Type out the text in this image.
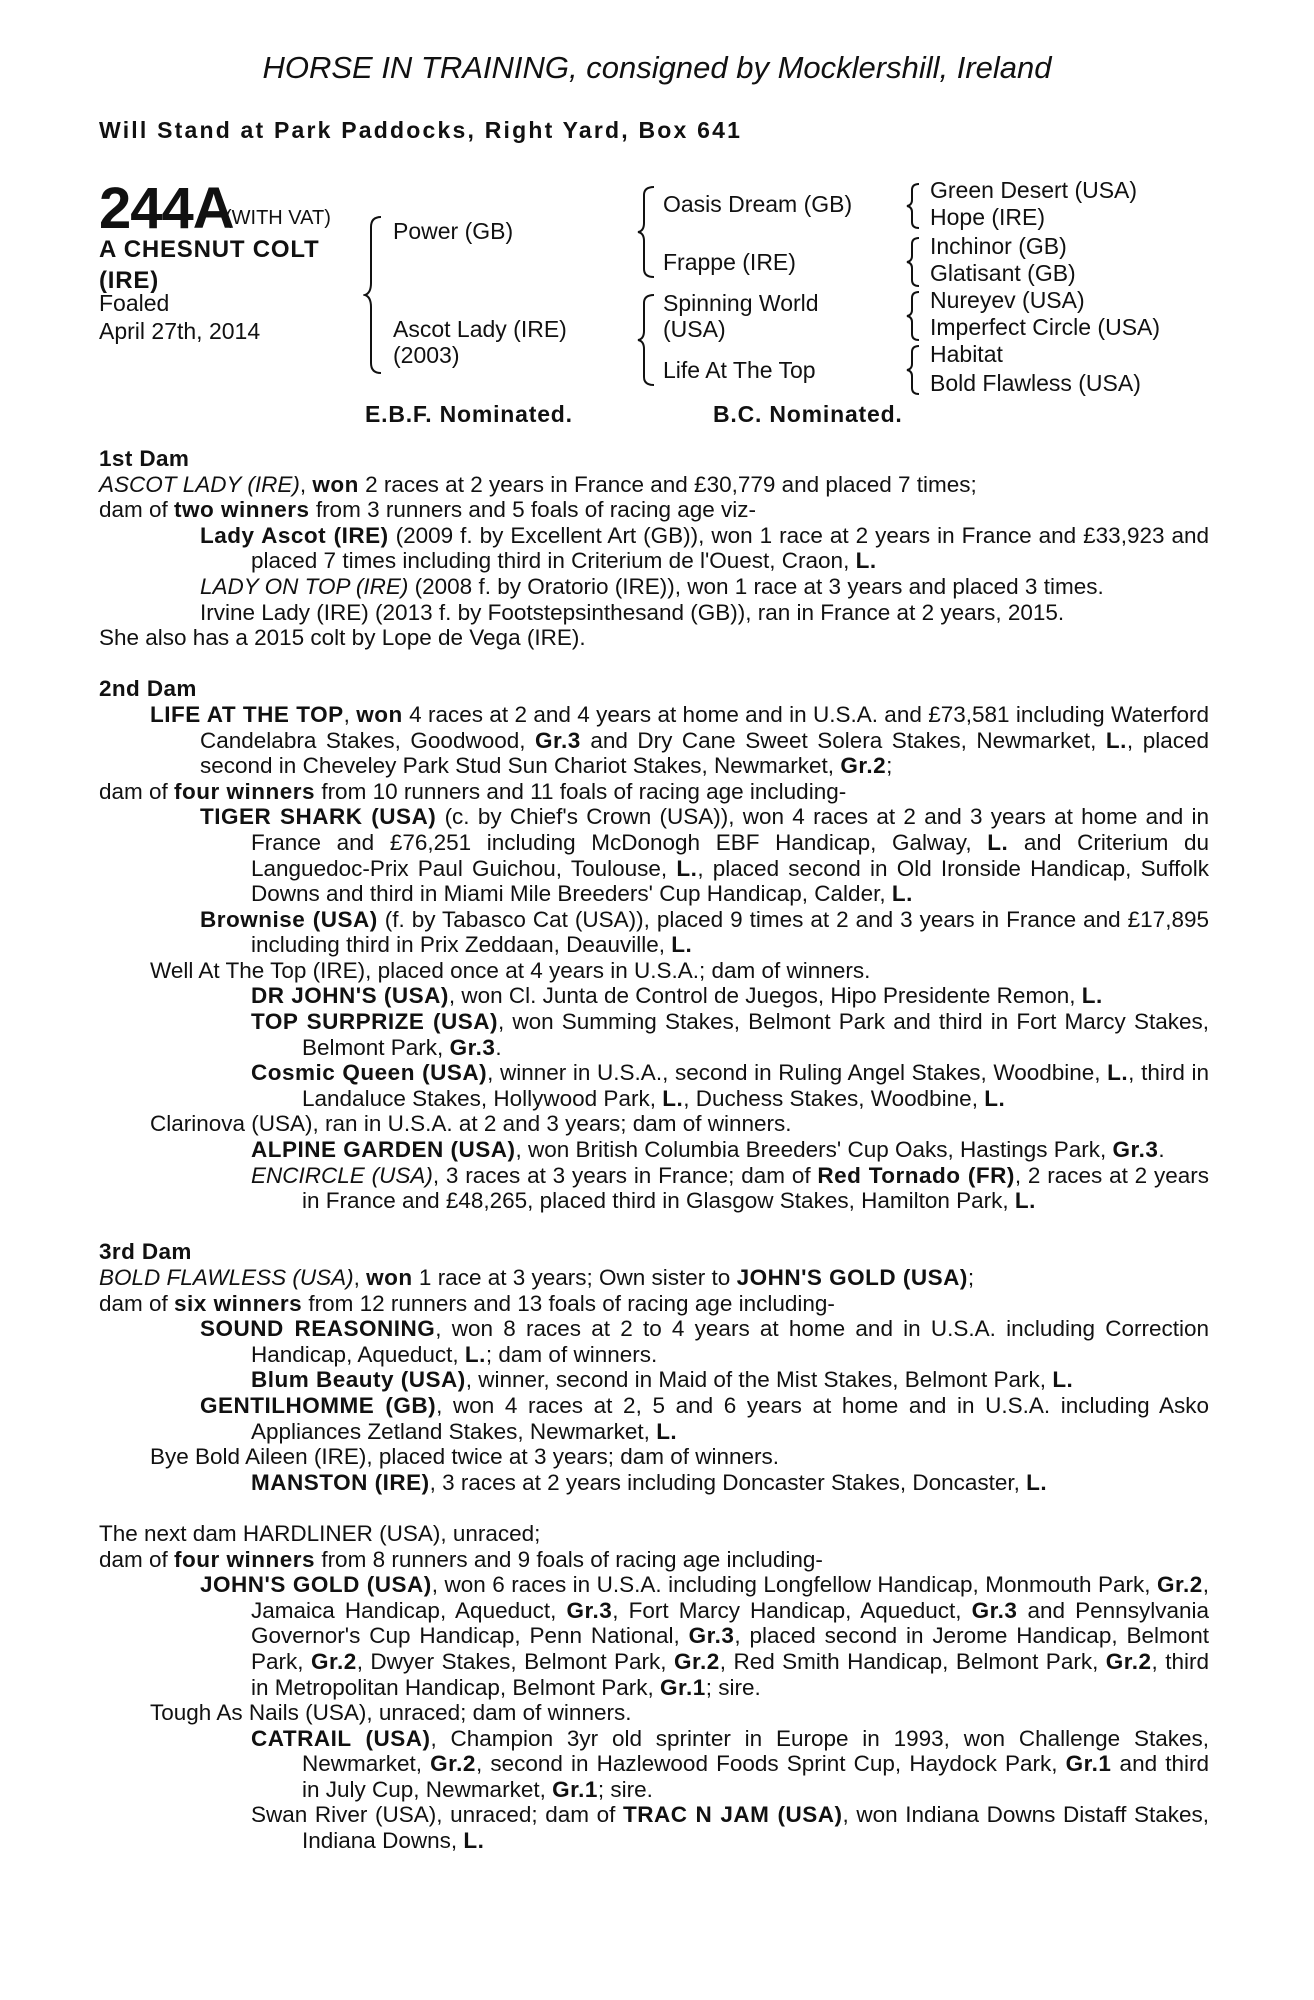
HORSE IN TRAINING, consigned by Mocklershill, Ireland
Will Stand at Park Paddocks, Right Yard, Box 641
244A
(WITH VAT)
A CHESNUT COLT
(IRE)
Foaled
April 27th, 2014
Power (GB)
Ascot Lady (IRE)
(2003)
Oasis Dream (GB)
Frappe (IRE)
Spinning World
(USA)
Life At The Top
Green Desert (USA)
Hope (IRE)
Inchinor (GB)
Glatisant (GB)
Nureyev (USA)
Imperfect Circle (USA)
Habitat
Bold Flawless (USA)
E.B.F. Nominated.	B.C. Nominated.

1st Dam

ASCOT LADY (IRE), won 2 races at 2 years in France and £30,779 and placed 7 times;

dam of two winners from 3 runners and 5 foals of racing age viz-

Lady Ascot (IRE) (2009 f. by Excellent Art (GB)), won 1 race at 2 years in France and £33,923 and placed 7 times including third in Criterium de l'Ouest, Craon, L.

LADY ON TOP (IRE) (2008 f. by Oratorio (IRE)), won 1 race at 3 years and placed 3 times.

Irvine Lady (IRE) (2013 f. by Footstepsinthesand (GB)), ran in France at 2 years, 2015.

She also has a 2015 colt by Lope de Vega (IRE).

2nd Dam

LIFE AT THE TOP, won 4 races at 2 and 4 years at home and in U.S.A. and £73,581 including Waterford Candelabra Stakes, Goodwood, Gr.3 and Dry Cane Sweet Solera Stakes, Newmarket, L., placed second in Cheveley Park Stud Sun Chariot Stakes, Newmarket, Gr.2;

dam of four winners from 10 runners and 11 foals of racing age including-

TIGER SHARK (USA) (c. by Chief's Crown (USA)), won 4 races at 2 and 3 years at home and in France and £76,251 including McDonogh EBF Handicap, Galway, L. and Criterium du Languedoc-Prix Paul Guichou, Toulouse, L., placed second in Old Ironside Handicap, Suffolk Downs and third in Miami Mile Breeders' Cup Handicap, Calder, L.

Brownise (USA) (f. by Tabasco Cat (USA)), placed 9 times at 2 and 3 years in France and £17,895 including third in Prix Zeddaan, Deauville, L.

Well At The Top (IRE), placed once at 4 years in U.S.A.; dam of winners.

DR JOHN'S (USA), won Cl. Junta de Control de Juegos, Hipo Presidente Remon, L.

TOP SURPRIZE (USA), won Summing Stakes, Belmont Park and third in Fort Marcy Stakes, Belmont Park, Gr.3.

Cosmic Queen (USA), winner in U.S.A., second in Ruling Angel Stakes, Woodbine, L., third in Landaluce Stakes, Hollywood Park, L., Duchess Stakes, Woodbine, L.

Clarinova (USA), ran in U.S.A. at 2 and 3 years; dam of winners.

ALPINE GARDEN (USA), won British Columbia Breeders' Cup Oaks, Hastings Park, Gr.3.

ENCIRCLE (USA), 3 races at 3 years in France; dam of Red Tornado (FR), 2 races at 2 years in France and £48,265, placed third in Glasgow Stakes, Hamilton Park, L.

3rd Dam

BOLD FLAWLESS (USA), won 1 race at 3 years; Own sister to JOHN'S GOLD (USA);

dam of six winners from 12 runners and 13 foals of racing age including-

SOUND REASONING, won 8 races at 2 to 4 years at home and in U.S.A. including Correction Handicap, Aqueduct, L.; dam of winners.

Blum Beauty (USA), winner, second in Maid of the Mist Stakes, Belmont Park, L.

GENTILHOMME (GB), won 4 races at 2, 5 and 6 years at home and in U.S.A. including Asko Appliances Zetland Stakes, Newmarket, L.

Bye Bold Aileen (IRE), placed twice at 3 years; dam of winners.

MANSTON (IRE), 3 races at 2 years including Doncaster Stakes, Doncaster, L.

The next dam HARDLINER (USA), unraced;

dam of four winners from 8 runners and 9 foals of racing age including-

JOHN'S GOLD (USA), won 6 races in U.S.A. including Longfellow Handicap, Monmouth Park, Gr.2, Jamaica Handicap, Aqueduct, Gr.3, Fort Marcy Handicap, Aqueduct, Gr.3 and Pennsylvania Governor's Cup Handicap, Penn National, Gr.3, placed second in Jerome Handicap, Belmont Park, Gr.2, Dwyer Stakes, Belmont Park, Gr.2, Red Smith Handicap, Belmont Park, Gr.2, third in Metropolitan Handicap, Belmont Park, Gr.1; sire.

Tough As Nails (USA), unraced; dam of winners.

CATRAIL (USA), Champion 3yr old sprinter in Europe in 1993, won Challenge Stakes, Newmarket, Gr.2, second in Hazlewood Foods Sprint Cup, Haydock Park, Gr.1 and third in July Cup, Newmarket, Gr.1; sire.

Swan River (USA), unraced; dam of TRAC N JAM (USA), won Indiana Downs Distaff Stakes, Indiana Downs, L.
